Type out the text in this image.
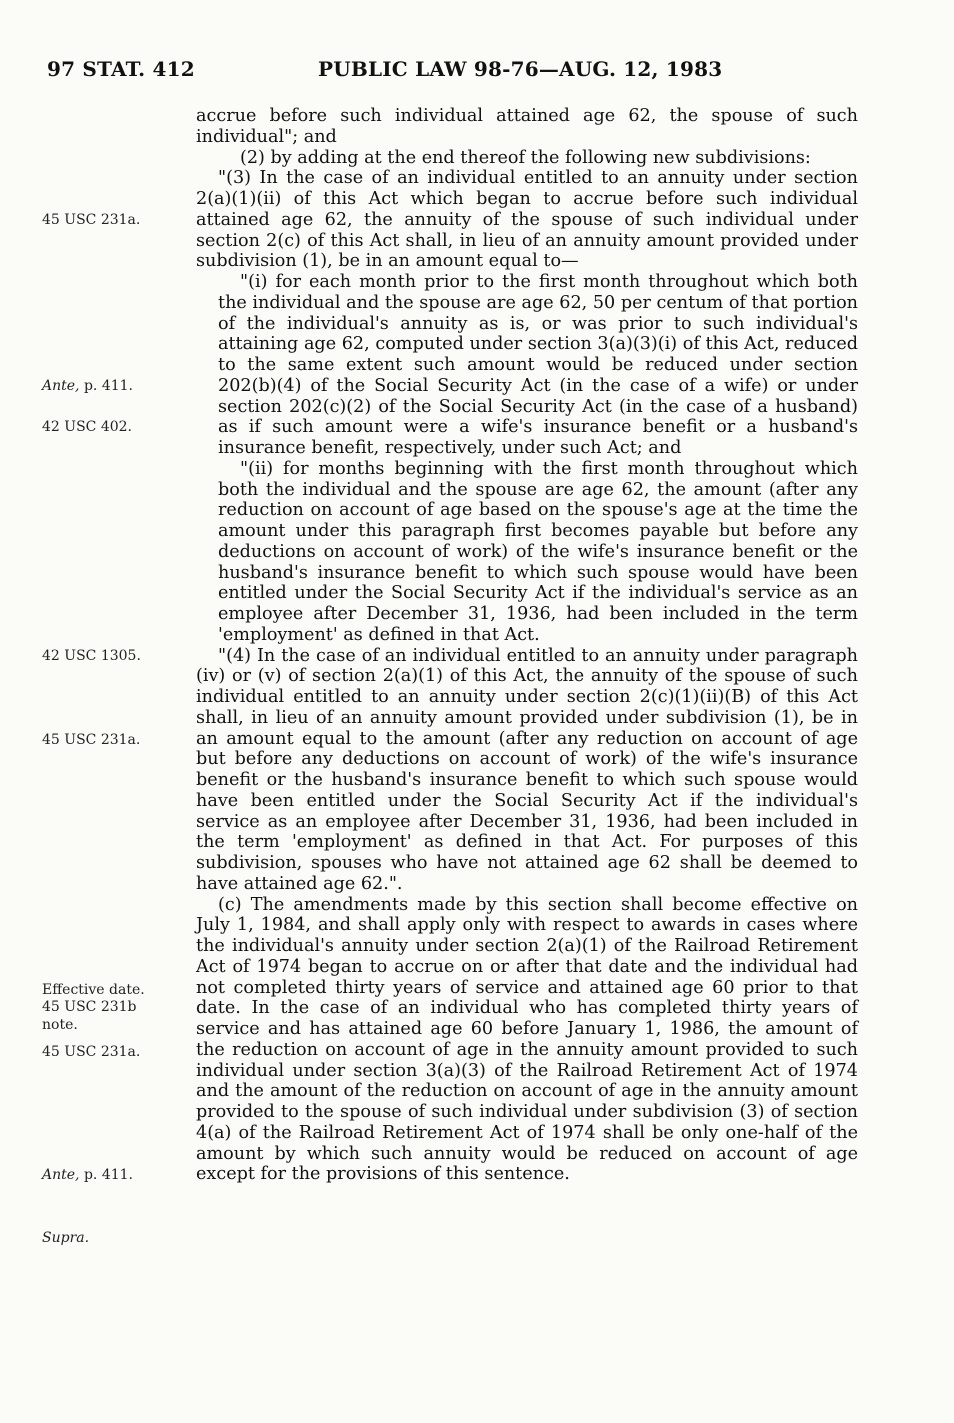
97 STAT. 412	PUBLIC LAW 98-76—AUG. 12, 1983
45 USC 231a.
Ante, p. 411.
42 USC 402.
42 USC 1305.
45 USC 231a.
Effective date.
45 USC 231b note.
45 USC 231a.
Ante, p. 411.
Supra.

accrue before such individual attained age 62, the spouse of such individual"; and

(2) by adding at the end thereof the following new subdivisions:

"(3) In the case of an individual entitled to an annuity under section 2(a)(1)(ii) of this Act which began to accrue before such individual attained age 62, the annuity of the spouse of such individual under section 2(c) of this Act shall, in lieu of an annuity amount provided under subdivision (1), be in an amount equal to—

"(i) for each month prior to the first month throughout which both the individual and the spouse are age 62, 50 per centum of that portion of the individual's annuity as is, or was prior to such individual's attaining age 62, computed under section 3(a)(3)(i) of this Act, reduced to the same extent such amount would be reduced under section 202(b)(4) of the Social Security Act (in the case of a wife) or under section 202(c)(2) of the Social Security Act (in the case of a husband) as if such amount were a wife's insurance benefit or a husband's insurance benefit, respectively, under such Act; and

"(ii) for months beginning with the first month throughout which both the individual and the spouse are age 62, the amount (after any reduction on account of age based on the spouse's age at the time the amount under this paragraph first becomes payable but before any deductions on account of work) of the wife's insurance benefit or the husband's insurance benefit to which such spouse would have been entitled under the Social Security Act if the individual's service as an employee after December 31, 1936, had been included in the term 'employment' as defined in that Act.

"(4) In the case of an individual entitled to an annuity under paragraph (iv) or (v) of section 2(a)(1) of this Act, the annuity of the spouse of such individual entitled to an annuity under section 2(c)(1)(ii)(B) of this Act shall, in lieu of an annuity amount provided under subdivision (1), be in an amount equal to the amount (after any reduction on account of age but before any deductions on account of work) of the wife's insurance benefit or the husband's insurance benefit to which such spouse would have been entitled under the Social Security Act if the individual's service as an employee after December 31, 1936, had been included in the term 'employment' as defined in that Act. For purposes of this subdivision, spouses who have not attained age 62 shall be deemed to have attained age 62.".

(c) The amendments made by this section shall become effective on July 1, 1984, and shall apply only with respect to awards in cases where the individual's annuity under section 2(a)(1) of the Railroad Retirement Act of 1974 began to accrue on or after that date and the individual had not completed thirty years of service and attained age 60 prior to that date. In the case of an individual who has completed thirty years of service and has attained age 60 before January 1, 1986, the amount of the reduction on account of age in the annuity amount provided to such individual under section 3(a)(3) of the Railroad Retirement Act of 1974 and the amount of the reduction on account of age in the annuity amount provided to the spouse of such individual under subdivision (3) of section 4(a) of the Railroad Retirement Act of 1974 shall be only one-half of the amount by which such annuity would be reduced on account of age except for the provisions of this sentence.
